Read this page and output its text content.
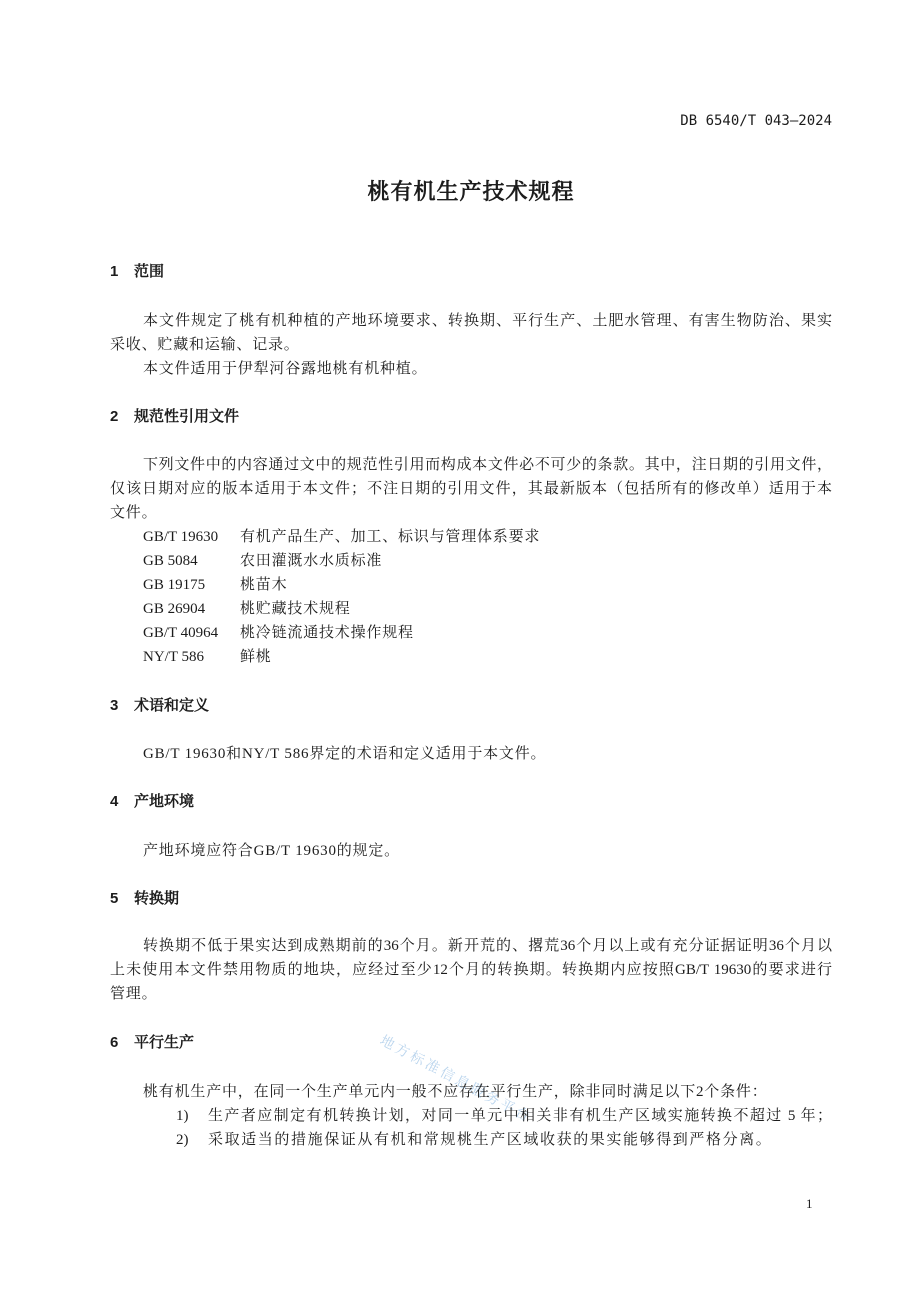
地方标准信息服务平台
DB 6540/T 043—2024
桃有机生产技术规程
1 范围
本文件规定了桃有机种植的产地环境要求、转换期、平行生产、土肥水管理、有害生物防治、果实
采收、贮藏和运输、记录。
本文件适用于伊犁河谷露地桃有机种植。
2 规范性引用文件
下列文件中的内容通过文中的规范性引用而构成本文件必不可少的条款。其中，注日期的引用文件，
仅该日期对应的版本适用于本文件；不注日期的引用文件，其最新版本（包括所有的修改单）适用于本
文件。
GB/T 19630 有机产品生产、加工、标识与管理体系要求
GB 5084	农田灌溉水水质标准
GB 19175 桃苗木
GB 26904 桃贮藏技术规程
GB/T 40964 桃冷链流通技术操作规程
NY/T 586 鲜桃
3 术语和定义
GB/T 19630和NY/T 586界定的术语和定义适用于本文件。
4 产地环境
产地环境应符合GB/T 19630的规定。
5 转换期
转换期不低于果实达到成熟期前的36个月。新开荒的、撂荒36个月以上或有充分证据证明36个月以
上未使用本文件禁用物质的地块，应经过至少12个月的转换期。转换期内应按照GB/T 19630的要求进行
管理。
6 平行生产
桃有机生产中，在同一个生产单元内一般不应存在平行生产，除非同时满足以下2个条件：
1) 生产者应制定有机转换计划，对同一单元中相关非有机生产区域实施转换不超过 5 年；
2) 采取适当的措施保证从有机和常规桃生产区域收获的果实能够得到严格分离。
1
